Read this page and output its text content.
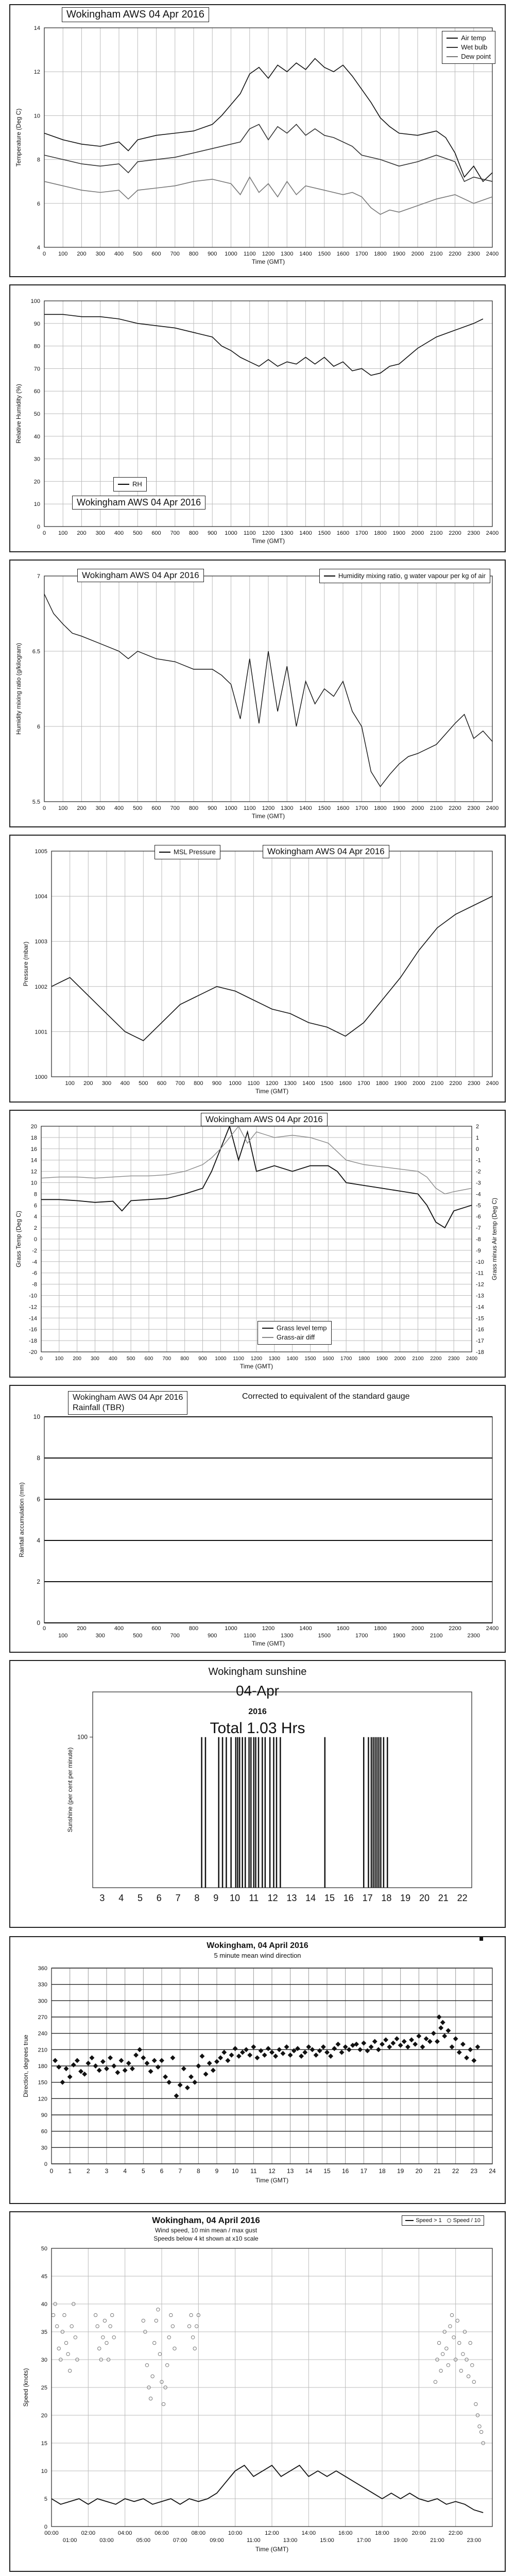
0 100 200 300 400 500 600 700 800 900 1000 1100 1200 1300 1400 1500 1600 1700 1800 1900 2000 2100 2200 2300 2400
4
6
8
10
12
14
Time (GMT)
Temperature (Deg C)
Wokingham AWS 04 Apr 2016
Air temp
Wet bulb
Dew point
0 100 200 300 400 500 600 700 800 900 1000 1100 1200 1300 1400 1500 1600 1700 1800 1900 2000 2100 2200 2300 2400
0
10
20
30
40
50
60
70
80
90
100
Time (GMT)
Relative Humidity (%)
Wokingham AWS 04 Apr 2016
RH
0 100 200 300 400 500 600 700 800 900 1000 1100 1200 1300 1400 1500 1600 1700 1800 1900 2000 2100 2200 2300 2400
5.5
6
6.5
7
Time (GMT)
Humidity mixing ratio (g/kilogram)
Wokingham AWS 04 Apr 2016	Humidity mixing ratio, g water vapour per kg of air
100 200 300 400 500 600 700 800 900 1000 1100 1200 1300 1400 1500 1600 1700 1800 1900 2000 2100 2200 2300 2400
1000
1001
1002
1003
1004
1005
Time (GMT)
Pressure (mbar)
MSL Pressure	Wokingham AWS 04 Apr 2016
0 100 200 300 400 500 600 700 800 900 1000 1100 1200 1300 1400 1500 1600 1700 1800 1900 2000 2100 2200 2300 2400
-20
-18
-16
-14
-12
-10
-8
-6
-4
-2
0
2
4
6
8
10
12
14
16
18
20
-18
-17
-16
-15
-14
-13
-12
-11
-10
-9
-8
-7
-6
-5
-4
-3
-2
-1
0
1
2
Time (GMT)
Grass Temp (Deg C)	Grass minus Air temp (Deg C)
Wokingham AWS 04 Apr 2016
Grass level temp
Grass-air diff
0
2
4
6
8
10
0	200	400	600	800	1000	1200	1400	1600	1800	2000	2200	2400
100	300	500	700	900	1100	1300	1500	1700	1900	2100	2300
Time (GMT)
Rainfall accumulation (mm)
Wokingham AWS 04 Apr 2016
Rainfall (TBR)
Corrected to equivalent of the standard gauge
100
Sunshine (per cent per minute)
3 4 5 6 7 8 9 10 11 12 13 14 15 16 17 18 19 20 21 22
Wokingham sunshine
04-Apr
2016
Total 1.03 Hrs
0 1 2 3 4 5 6 7 8 9 10 11 12 13 14 15 16 17 18 19 20 21 22 23 24
0
30
60
90
120
150
180
210
240
270
300
330
360
Time (GMT)
Direction, degrees true
Wokingham, 04 April 2016
5 minute mean wind direction
0
5
10
15
20
25
30
35
40
45
50
00:00	02:00	04:00	06:00	08:00	10:00	12:00	14:00	16:00	18:00	20:00	22:00
01:00	03:00	05:00	07:00	09:00	11:00	13:00	15:00	17:00	19:00	21:00	23:00
Time (GMT)
Speed (knots)
Wokingham, 04 April 2016
Wind speed, 10 min mean / max gust
Speeds below 4 kt shown at x10 scale
Speed > 1 Speed / 10
